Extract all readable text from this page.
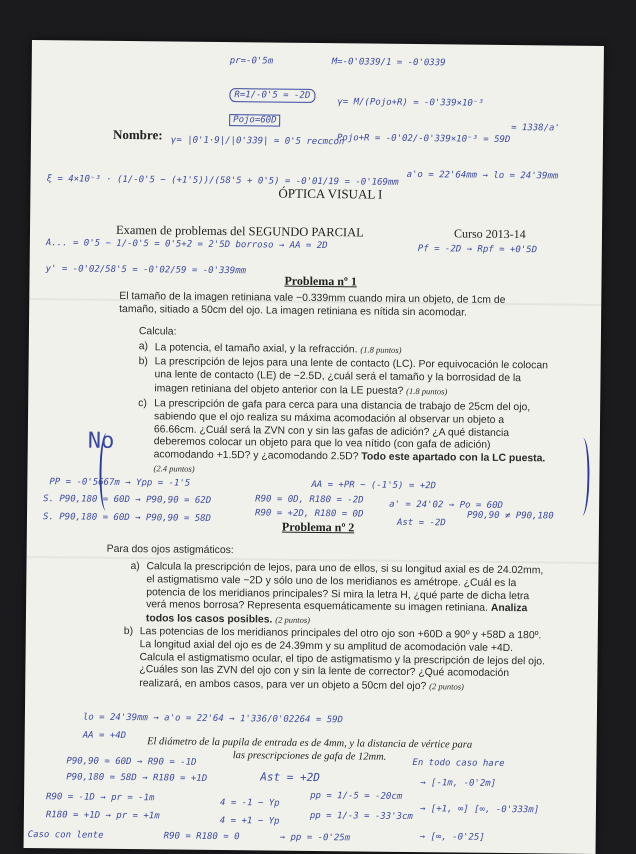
Nombre:
ÓPTICA VISUAL I
Examen de problemas del SEGUNDO PARCIAL	Curso 2013-14
Problema nº 1
El tamaño de la imagen retiniana vale −0.339mm cuando mira un objeto, de 1cm de tamaño, sitiado a 50cm del ojo. La imagen retiniana es nítida sin acomodar.
Calcula:
a) La potencia, el tamaño axial, y la refracción. (1.8 puntos)
b) La prescripción de lejos para una lente de contacto (LC). Por equivocación le colocan una lente de contacto (LE) de −2.5D, ¿cuál será el tamaño y la borrosidad de la imagen retiniana del objeto anterior con la LE puesta? (1.8 puntos)
c) La prescripción de gafa para cerca para una distancia de trabajo de 25cm del ojo, sabiendo que el ojo realiza su máxima acomodación al observar un objeto a 66.66cm. ¿Cuál será la ZVN con y sin las gafas de adición? ¿A qué distancia deberemos colocar un objeto para que lo vea nítido (con gafa de adición) acomodando +1.5D? y ¿acomodando 2.5D? Todo este apartado con la LC puesta. (2.4 puntos)
Problema nº 2
Para dos ojos astigmáticos:
a) Calcula la prescripción de lejos, para uno de ellos, si su longitud axial es de 24.02mm, el astigmatismo vale −2D y sólo uno de los meridianos es amétrope. ¿Cuál es la potencia de los meridianos principales? Si mira la letra H, ¿qué parte de dicha letra verá menos borrosa? Representa esquemáticamente su imagen retiniana. Analiza todos los casos posibles. (2 puntos)
b) Las potencias de los meridianos principales del otro ojo son +60D a 90º y +58D a 180º. La longitud axial del ojo es de 24.39mm y su amplitud de acomodación vale +4D. Calcula el astigmatismo ocular, el tipo de astigmatismo y la prescripción de lejos del ojo. ¿Cuáles son las ZVN del ojo con y sin la lente de corrector? ¿Qué acomodación realizará, en ambos casos, para ver un objeto a 50cm del ojo? (2 puntos)
El diámetro de la pupila de entrada es de 4mm, y la distancia de vértice para las prescripciones de gafa de 12mm.
pr=-0'5m	M=-0'0339/1 = -0'0339
R=1/-0'5 = -2D
Pojo=60D
γ= M/(Pojo+R) = -0'339×10⁻³
γ= |0'1·9|/|0'339| = 0'5 recmcon
Pojo+R = -0'02/-0'339×10⁻³ = 59D
= 1338/a'
ξ = 4×10⁻³ · (1/-0'5 − (+1'5))/(58'5 + 0'5) = -0'01/19 = -0'169mm a'o = 22'64mm → lo = 24'39mm
A... = 0'5 − 1/-0'5 = 0'5+2 = 2'5D borroso → AA = 2D	Pf = -2D → Rpf = +0'5D
y' = -0'02/58'5 = -0'02/59 = -0'339mm
No
PP = -0'5667m → Ypp = -1'5	AA = +PR − (-1'5) = +2D
S. P90,180 = 60D → P90,90 = 62D	R90 = 0D, R180 = -2D	a' = 24'02 → Po = 60D
S. P90,180 = 60D → P90,90 = 58D	R90 = +2D, R180 = 0D
Ast = -2D
P90,90 ≠ P90,180
lo = 24'39mm → a'o = 22'64 → 1'336/0'02264 = 59D
AA = +4D
P90,90 = 60D → R90 = -1D
P90,180 = 58D → R180 = +1D	Ast = +2D
En todo caso hare
R90 = -1D → pr = -1m
R180 = +1D → pr = +1m
4 = -1 − Yp
4 = +1 − Yp
pp = 1/-5 = -20cm
pp = 1/-3 = -33'3cm
→ [-1m, -0'2m]
→ [+1, ∞] [∞, -0'333m]
Caso con lente	R90 = R180 = 0	→ pp = -0'25m	→ [∞, -0'25]
